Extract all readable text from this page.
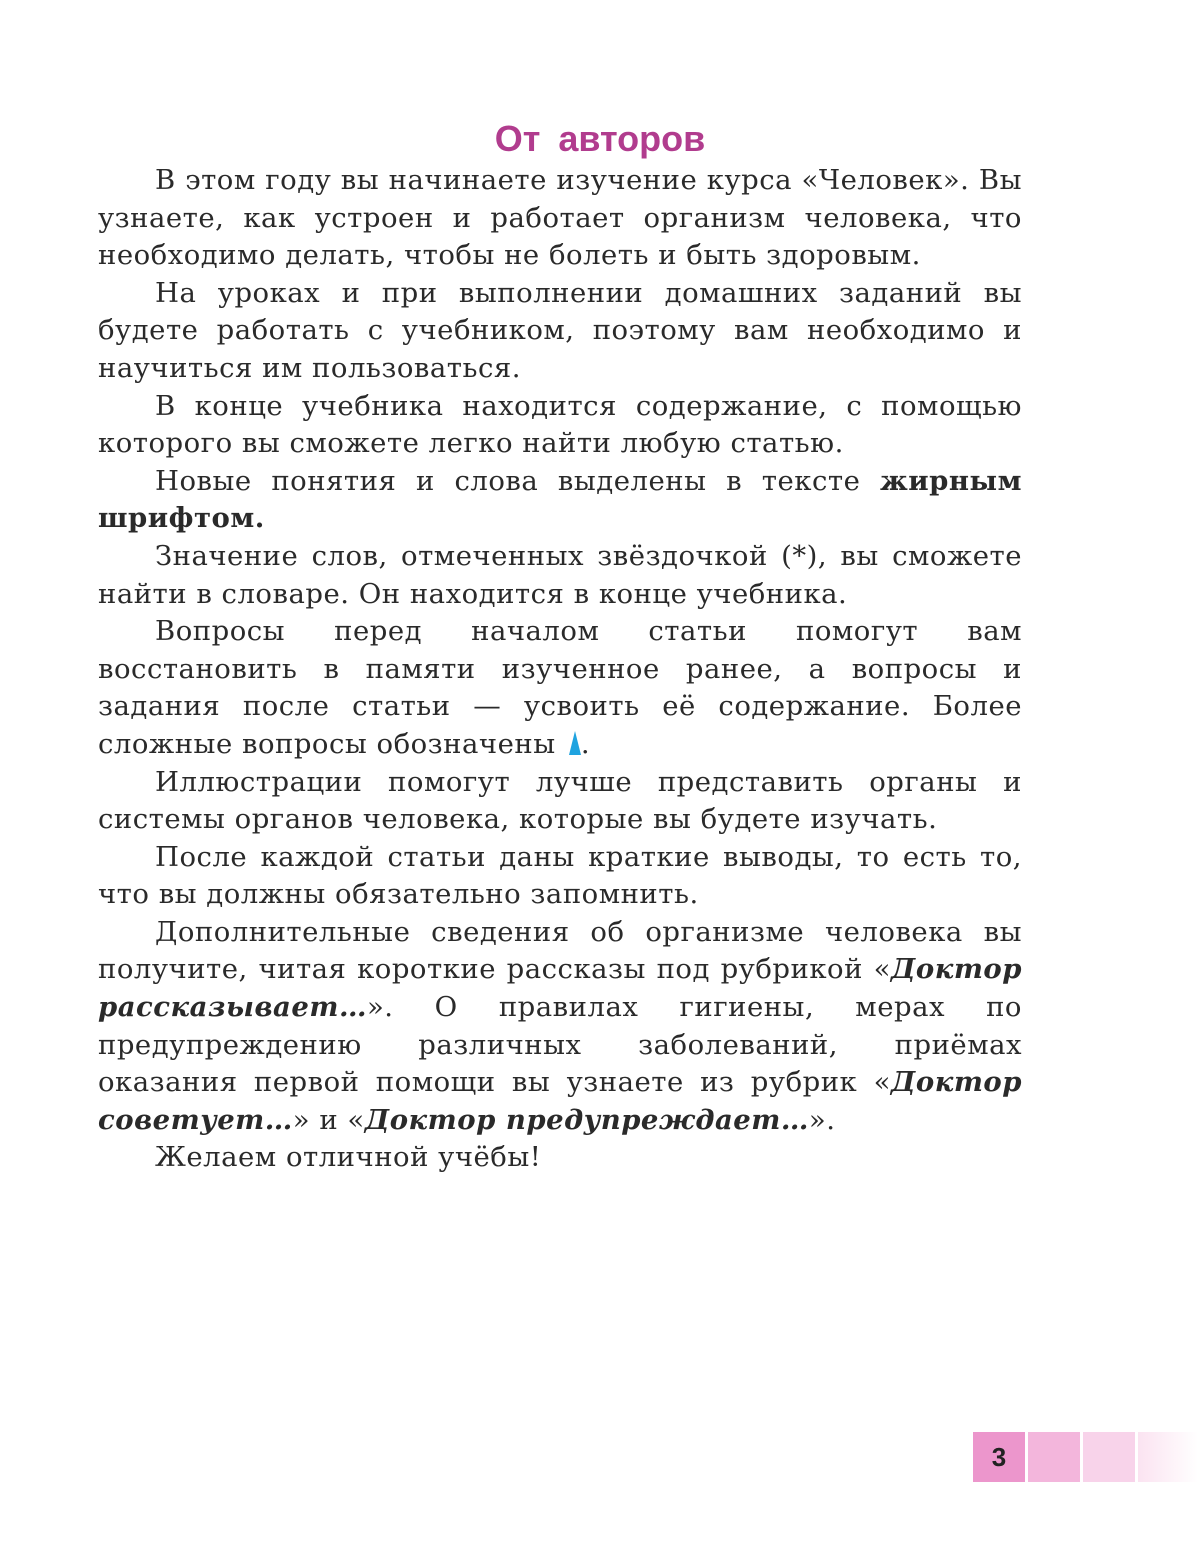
От авторов

В этом году вы начинаете изучение курса «Человек». Вы узнаете, как устроен и работает организм человека, что необходимо делать, чтобы не болеть и быть здоровым.

На уроках и при выполнении домашних заданий вы будете работать с учебником, поэтому вам необходимо и научиться им пользоваться.

В конце учебника находится содержание, с помощью которого вы сможете легко найти любую статью.

Новые понятия и слова выделены в тексте жирным шрифтом.

Значение слов, отмеченных звёздочкой (*), вы сможете найти в словаре. Он находится в конце учебника.

Вопросы перед началом статьи помогут вам восстановить в памяти изученное ранее, а вопросы и задания после статьи — усвоить её содержание. Более сложные вопросы обозначены .

Иллюстрации помогут лучше представить органы и системы органов человека, которые вы будете изучать.

После каждой статьи даны краткие выводы, то есть то, что вы должны обязательно запомнить.

Дополнительные сведения об организме человека вы получите, читая короткие рассказы под рубрикой «Доктор рассказывает…». О правилах гигиены, мерах по предупреждению различных заболеваний, приёмах оказания первой помощи вы узнаете из рубрик «Доктор советует…» и «Доктор предупреждает…».

Желаем отличной учёбы!

3
